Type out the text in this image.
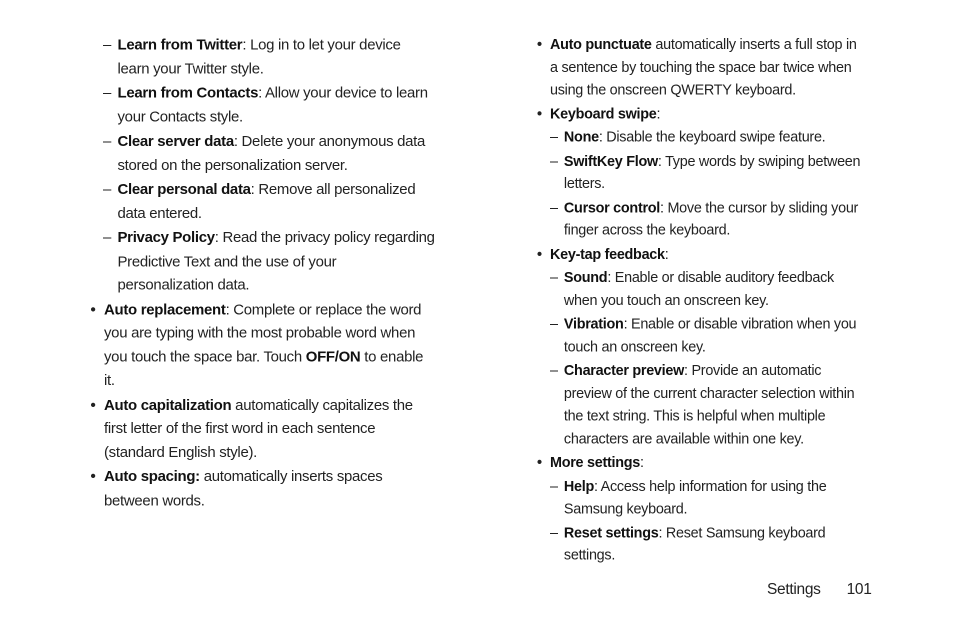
– Learn from Twitter: Log in to let your device learn your Twitter style.
– Learn from Contacts: Allow your device to learn your Contacts style.
– Clear server data: Delete your anonymous data stored on the personalization server.
– Clear personal data: Remove all personalized data entered.
– Privacy Policy: Read the privacy policy regarding Predictive Text and the use of your personalization data.
• Auto replacement: Complete or replace the word you are typing with the most probable word when you touch the space bar. Touch OFF/ON to enable it.
• Auto capitalization automatically capitalizes the first letter of the first word in each sentence (standard English style).
• Auto spacing: automatically inserts spaces between words.
• Auto punctuate automatically inserts a full stop in a sentence by touching the space bar twice when using the onscreen QWERTY keyboard.
• Keyboard swipe:
– None: Disable the keyboard swipe feature.
– SwiftKey Flow: Type words by swiping between letters.
– Cursor control: Move the cursor by sliding your finger across the keyboard.
• Key-tap feedback:
– Sound: Enable or disable auditory feedback when you touch an onscreen key.
– Vibration: Enable or disable vibration when you touch an onscreen key.
– Character preview: Provide an automatic preview of the current character selection within the text string. This is helpful when multiple characters are available within one key.
• More settings:
– Help: Access help information for using the Samsung keyboard.
– Reset settings: Reset Samsung keyboard settings.
Settings 101
